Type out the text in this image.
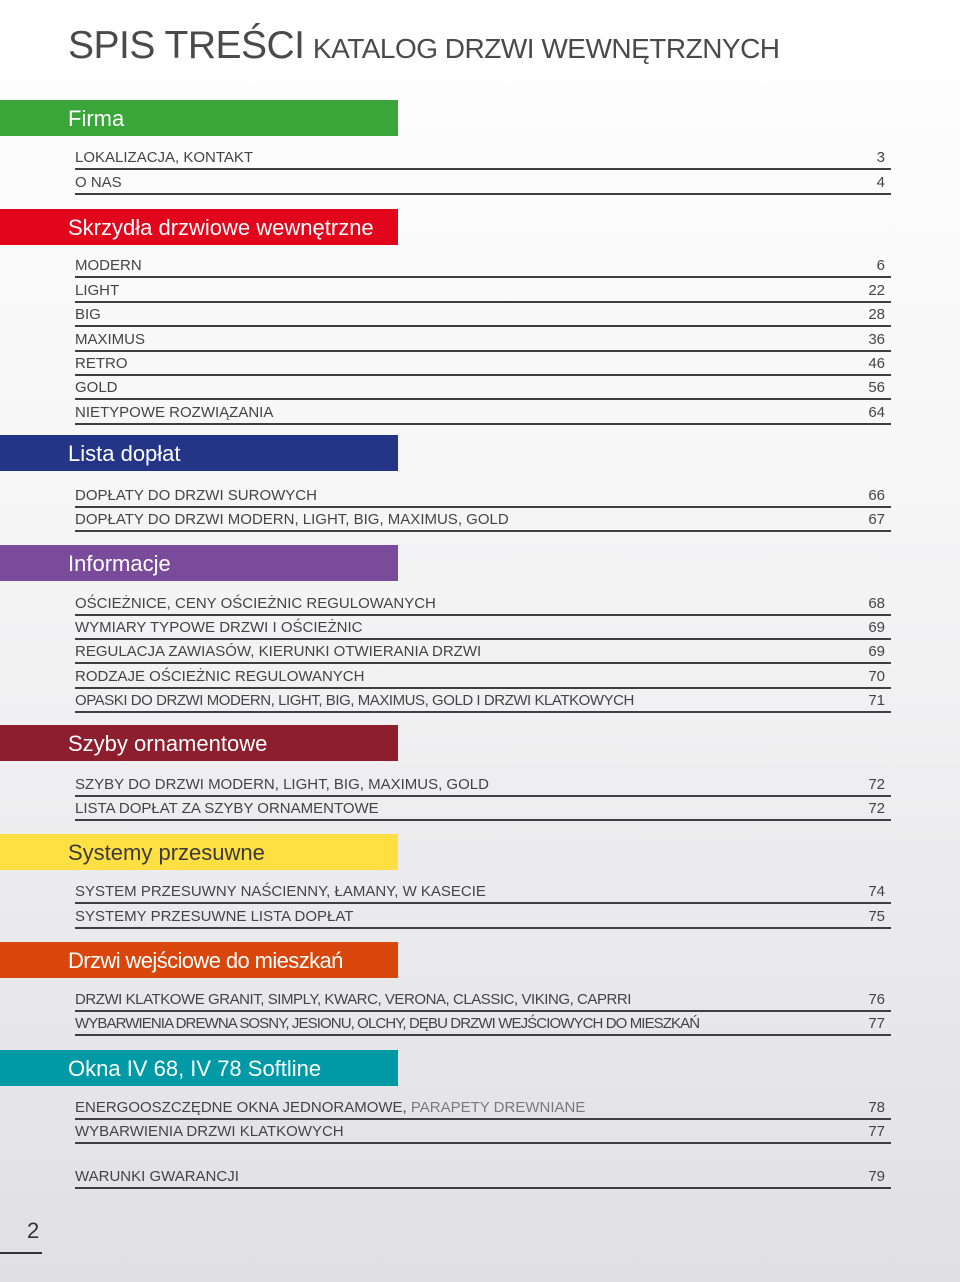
SPIS TREŚCI KATALOG DRZWI WEWNĘTRZNYCH
Firma
LOKALIZACJA, KONTAKT	3
O NAS	4
Skrzydła drzwiowe wewnętrzne
MODERN	6
LIGHT	22
BIG	28
MAXIMUS	36
RETRO	46
GOLD	56
NIETYPOWE ROZWIĄZANIA	64
Lista dopłat
DOPŁATY DO DRZWI SUROWYCH	66
DOPŁATY DO DRZWI MODERN, LIGHT, BIG, MAXIMUS, GOLD	67
Informacje
OŚCIEŻNICE, CENY OŚCIEŻNIC REGULOWANYCH	68
WYMIARY TYPOWE DRZWI I OŚCIEŻNIC	69
REGULACJA ZAWIASÓW, KIERUNKI OTWIERANIA DRZWI	69
RODZAJE OŚCIEŻNIC REGULOWANYCH	70
OPASKI DO DRZWI MODERN, LIGHT, BIG, MAXIMUS, GOLD I DRZWI KLATKOWYCH	71
Szyby ornamentowe
SZYBY DO DRZWI MODERN, LIGHT, BIG, MAXIMUS, GOLD	72
LISTA DOPŁAT ZA SZYBY ORNAMENTOWE	72
Systemy przesuwne
SYSTEM PRZESUWNY NAŚCIENNY, ŁAMANY, W KASECIE	74
SYSTEMY PRZESUWNE LISTA DOPŁAT	75
Drzwi wejściowe do mieszkań
DRZWI KLATKOWE GRANIT, SIMPLY, KWARC, VERONA, CLASSIC, VIKING, CAPRRI	76
WYBARWIENIA DREWNA SOSNY, JESIONU, OLCHY, DĘBU DRZWI WEJŚCIOWYCH DO MIESZKAŃ	77
Okna IV 68, IV 78 Softline
ENERGOOSZCZĘDNE OKNA JEDNORAMOWE, PARAPETY DREWNIANE	78
WYBARWIENIA DRZWI KLATKOWYCH	77
WARUNKI GWARANCJI	79
2
